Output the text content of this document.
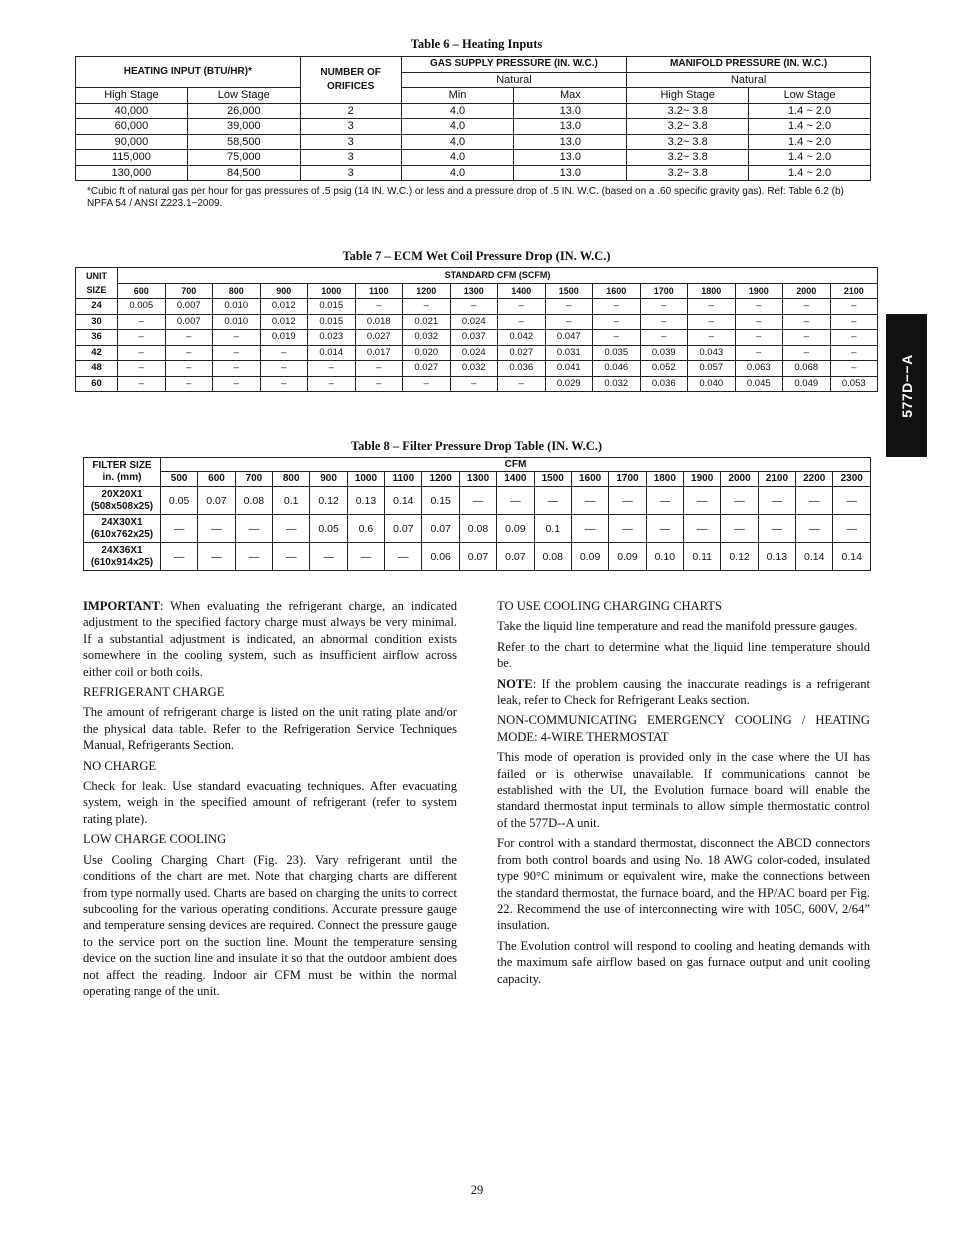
Table 6 – Heating Inputs
HEATING INPUT (BTU/HR)*		NUMBER OF ORIFICES	GAS SUPPLY PRESSURE (IN. W.C.)		MANIFOLD PRESSURE (IN. W.C.)	
			Natural		Natural	
High Stage	Low Stage		Min	Max	High Stage	Low Stage
40,000	26,000	2	4.0	13.0	3.2~ 3.8	1.4 ~ 2.0
60,000	39,000	3	4.0	13.0	3.2~ 3.8	1.4 ~ 2.0
90,000	58,500	3	4.0	13.0	3.2~ 3.8	1.4 ~ 2.0
115,000	75,000	3	4.0	13.0	3.2~ 3.8	1.4 ~ 2.0
130,000	84,500	3	4.0	13.0	3.2~ 3.8	1.4 ~ 2.0
*Cubic ft of natural gas per hour for gas pressures of .5 psig (14 IN. W.C.) or less and a pressure drop of .5 IN. W.C. (based on a .60 specific gravity gas). Ref: Table 6.2 (b) NPFA 54 / ANSI Z223.1−2009.
Table 7 – ECM Wet Coil Pressure Drop (IN. W.C.)
UNIT SIZE	STANDARD CFM (SCFM)															
	600	700	800	900	1000	1100	1200	1300	1400	1500	1600	1700	1800	1900	2000	2100
24	0.005	0.007	0.010	0.012	0.015	–	–	–	–	–	–	–	–	–	–	–
30	–	0.007	0.010	0.012	0.015	0.018	0.021	0.024	–	–	–	–	–	–	–	–
36	–	–	–	0.019	0.023	0.027	0.032	0.037	0.042	0.047	–	–	–	–	–	–
42	–	–	–	–	0.014	0.017	0.020	0.024	0.027	0.031	0.035	0.039	0.043	–	–	–
48	–	–	–	–	–	–	0.027	0.032	0.036	0.041	0.046	0.052	0.057	0.063	0.068	–
60	–	–	–	–	–	–	–	–	–	0.029	0.032	0.036	0.040	0.045	0.049	0.053
Table 8 – Filter Pressure Drop Table (IN. W.C.)
FILTER SIZE
in. (mm)	CFM																		
	500	600	700	800	900	1000	1100	1200	1300	1400	1500	1600	1700	1800	1900	2000	2100	2200	2300
20X20X1
(508x508x25)	0.05	0.07	0.08	0.1	0.12	0.13	0.14	0.15	—	—	—	—	—	—	—	—	—	—	—
24X30X1
(610x762x25)	—	—	—	—	0.05	0.6	0.07	0.07	0.08	0.09	0.1	—	—	—	—	—	—	—	—
24X36X1
(610x914x25)	—	—	—	—	—	—	—	0.06	0.07	0.07	0.08	0.09	0.09	0.10	0.11	0.12	0.13	0.14	0.14

IMPORTANT: When evaluating the refrigerant charge, an indicated adjustment to the specified factory charge must always be very minimal. If a substantial adjustment is indicated, an abnormal condition exists somewhere in the cooling system, such as insufficient airflow across either coil or both coils.

REFRIGERANT CHARGE

The amount of refrigerant charge is listed on the unit rating plate and/or the physical data table. Refer to the Refrigeration Service Techniques Manual, Refrigerants Section.

NO CHARGE

Check for leak. Use standard evacuating techniques. After evacuating system, weigh in the specified amount of refrigerant (refer to system rating plate).

LOW CHARGE COOLING

Use Cooling Charging Chart (Fig. 23). Vary refrigerant until the conditions of the chart are met. Note that charging charts are different from type normally used. Charts are based on charging the units to correct subcooling for the various operating conditions. Accurate pressure gauge and temperature sensing devices are required. Connect the pressure gauge to the service port on the suction line. Mount the temperature sensing device on the suction line and insulate it so that the outdoor ambient does not affect the reading. Indoor air CFM must be within the normal operating range of the unit.

TO USE COOLING CHARGING CHARTS

Take the liquid line temperature and read the manifold pressure gauges.

Refer to the chart to determine what the liquid line temperature should be.

NOTE: If the problem causing the inaccurate readings is a refrigerant leak, refer to Check for Refrigerant Leaks section.

NON-COMMUNICATING EMERGENCY COOLING / HEATING MODE: 4-WIRE THERMOSTAT

This mode of operation is provided only in the case where the UI has failed or is otherwise unavailable. If communications cannot be established with the UI, the Evolution furnace board will enable the standard thermostat input terminals to allow simple thermostatic control of the 577D--A unit.

For control with a standard thermostat, disconnect the ABCD connectors from both control boards and using No. 18 AWG color-coded, insulated type 90°C minimum or equivalent wire, make the connections between the standard thermostat, the furnace board, and the HP/AC board per Fig. 22. Recommend the use of interconnecting wire with 105C, 600V, 2/64” insulation.

The Evolution control will respond to cooling and heating demands with the maximum safe airflow based on gas furnace output and unit cooling capacity.

577D−−A
29
